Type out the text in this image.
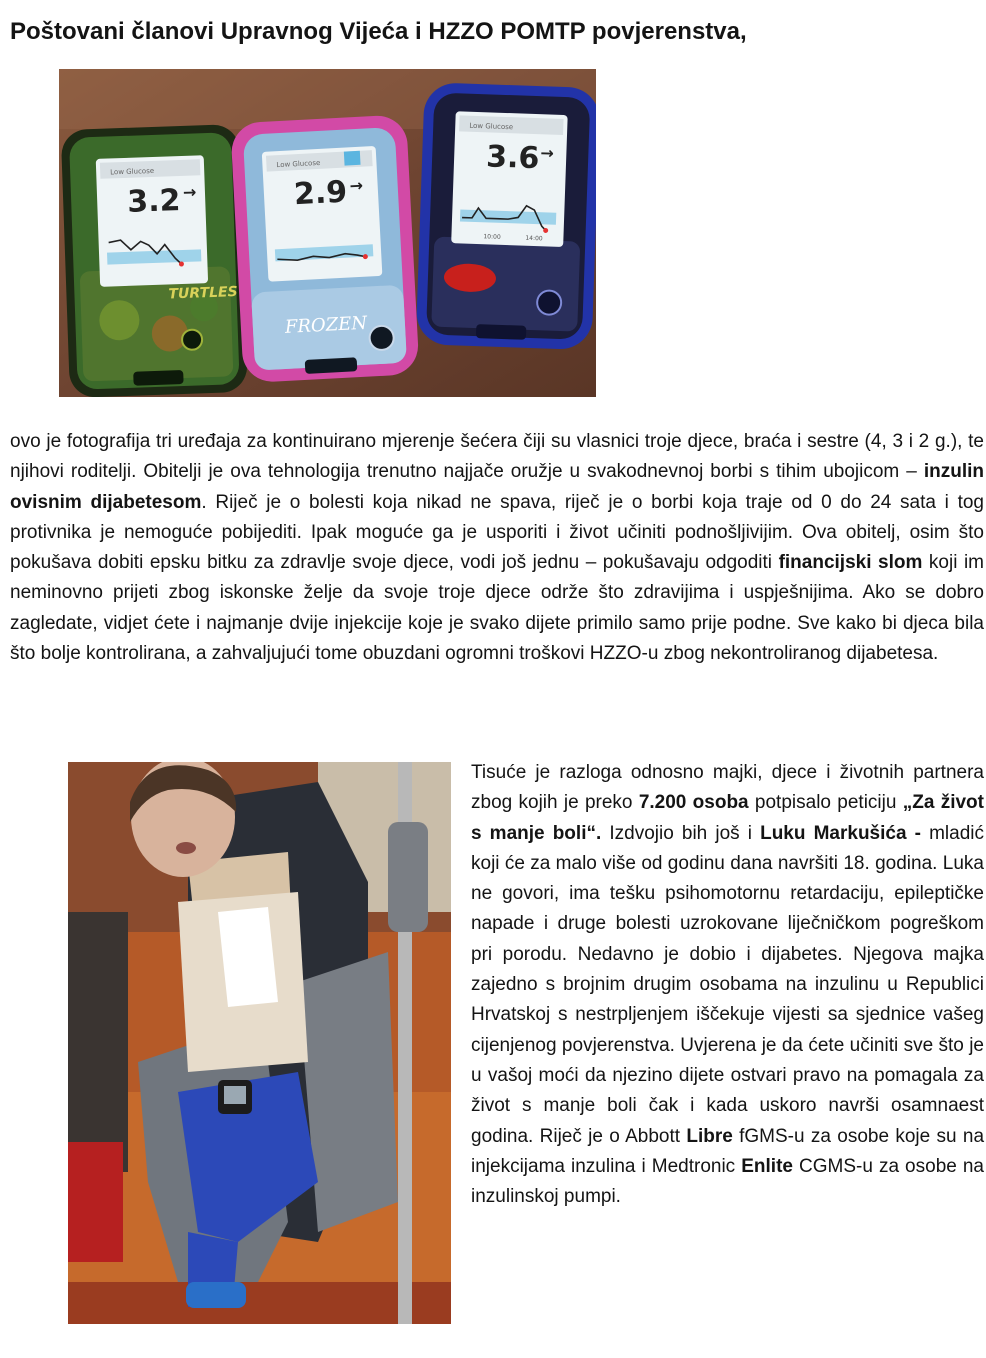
Poštovani članovi Upravnog Vijeća i HZZO POMTP povjerenstva,
TURTLES
Low Glucose
3.2 →
FROZEN
Low Glucose
2.9 →
Low Glucose
3.6 →
10:00	14:00

ovo je fotografija tri uređaja za kontinuirano mjerenje šećera čiji su vlasnici troje djece, braća i sestre (4, 3 i 2 g.), te njihovi roditelji. Obitelji je ova tehnologija trenutno najjače oružje u svakodnevnoj borbi s tihim ubojicom – inzulin ovisnim dijabetesom. Riječ je o bolesti koja nikad ne spava, riječ je o borbi koja traje od 0 do 24 sata i tog protivnika je nemoguće pobijediti. Ipak moguće ga je usporiti i život učiniti podnošljivijim. Ova obitelj, osim što pokušava dobiti epsku bitku za zdravlje svoje djece, vodi još jednu – pokušavaju odgoditi financijski slom koji im neminovno prijeti zbog iskonske želje da svoje troje djece održe što zdravijima i uspješnijima. Ako se dobro zagledate, vidjet ćete i najmanje dvije injekcije koje je svako dijete primilo samo prije podne. Sve kako bi djeca bila što bolje kontrolirana, a zahvaljujući tome obuzdani ogromni troškovi HZZO-u zbog nekontroliranog dijabetesa.

Tisuće je razloga odnosno majki, djece i životnih partnera zbog kojih je preko 7.200 osoba potpisalo peticiju „Za život s manje boli“. Izdvojio bih još i Luku Markušića - mladić koji će za malo više od godinu dana navršiti 18. godina. Luka ne govori, ima tešku psihomotornu retardaciju, epileptičke napade i druge bolesti uzrokovane liječničkom pogreškom pri porodu. Nedavno je dobio i dijabetes. Njegova majka zajedno s brojnim drugim osobama na inzulinu u Republici Hrvatskoj s nestrpljenjem iščekuje vijesti sa sjednice vašeg cijenjenog povjerenstva. Uvjerena je da ćete učiniti sve što je u vašoj moći da njezino dijete ostvari pravo na pomagala za život s manje boli čak i kada uskoro navrši osamnaest godina. Riječ je o Abbott Libre fGMS-u za osobe koje su na injekcijama inzulina i Medtronic Enlite CGMS-u za osobe na inzulinskoj pumpi.
